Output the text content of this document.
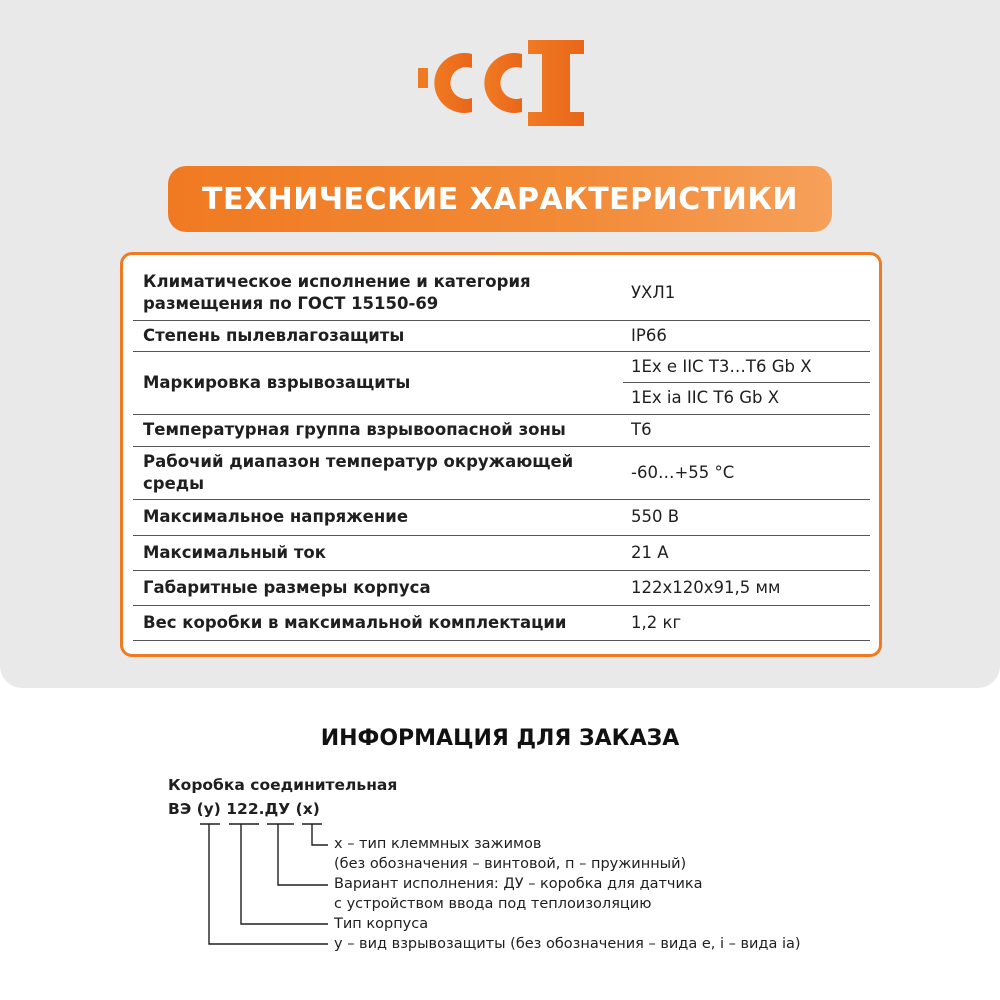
ТЕХНИЧЕСКИЕ ХАРАКТЕРИСТИКИ
Климатическое исполнение и категория
размещения по ГОСТ 15150-69	УХЛ1
Степень пылевлагозащиты	IP66
Маркировка взрывозащиты	1Ex e IIC T3…T6 Gb X
1Ex ia IIC T6 Gb X

Температурная группа взрывоопасной зоны	T6
Рабочий диапазон температур окружающей
среды	-60…+55 °C
Максимальное напряжение	550 В
Максимальный ток	21 А
Габаритные размеры корпуса	122x120x91,5 мм
Вес коробки в максимальной комплектации	1,2 кг
ИНФОРМАЦИЯ ДЛЯ ЗАКАЗА
Коробка соединительная
ВЭ (у) 122.ДУ (х)
х – тип клеммных зажимов
(без обозначения – винтовой, п – пружинный)
Вариант исполнения: ДУ – коробка для датчика
с устройством ввода под теплоизоляцию
Тип корпуса
у – вид взрывозащиты (без обозначения – вида е, i – вида ia)
